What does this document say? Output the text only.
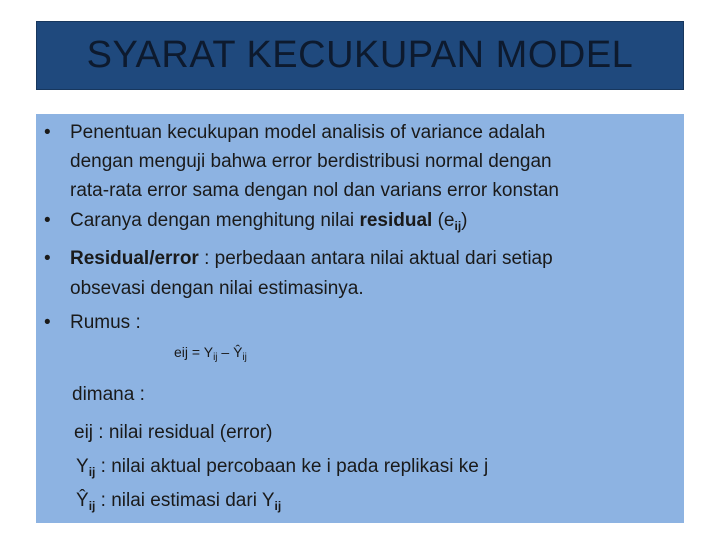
SYARAT KECUKUPAN MODEL
• Penentuan kecukupan model analisis of variance adalah
dengan menguji bahwa error berdistribusi normal dengan
rata-rata error sama dengan nol dan varians error konstan
• Caranya dengan menghitung nilai residual $(e_{ij})$
• Residual/error : perbedaan antara nilai aktual dari setiap
obsevasi dengan nilai estimasinya.
• Rumus :
eij = $Y_{ij}$ – $Ŷ_{ij}$
dimana :
eij : nilai residual (error)
$Y_{ij}$ : nilai aktual percobaan ke i pada replikasi ke j
$Ŷ_{ij}$ : nilai estimasi dari $Y_{ij}$
